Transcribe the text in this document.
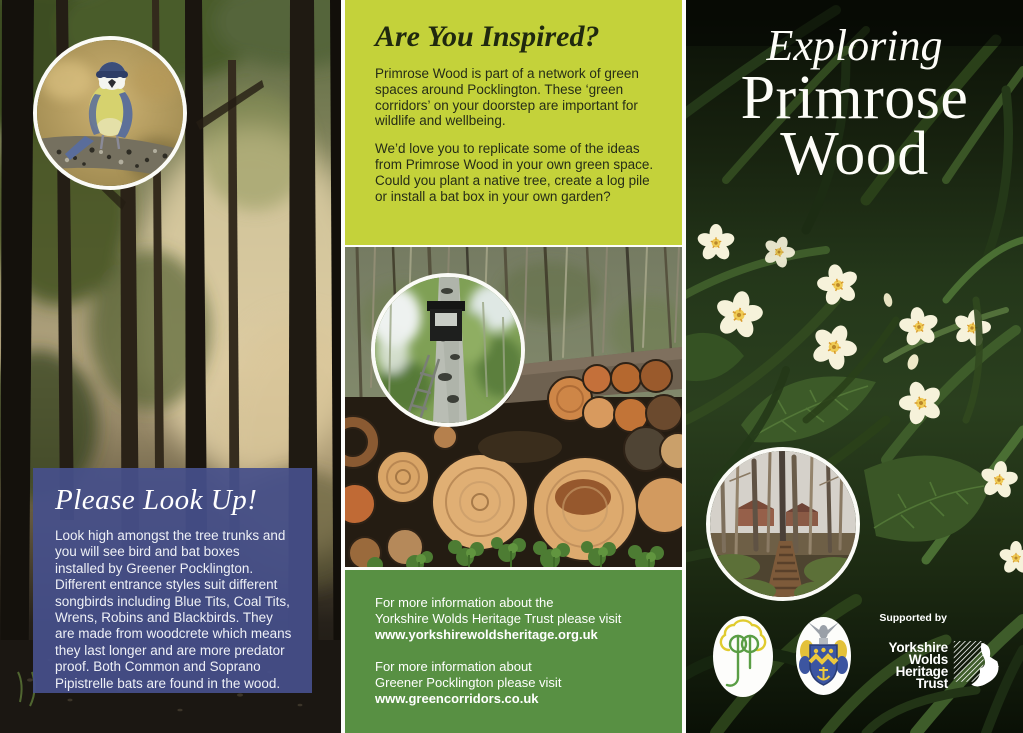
Please Look Up!

Look high amongst the tree trunks and you will see bird and bat boxes installed by Greener Pocklington. Different entrance styles suit different songbirds including Blue Tits, Coal Tits, Wrens, Robins and Blackbirds. They are made from woodcrete which means they last longer and are more predator proof. Both Common and Soprano Pipistrelle bats are found in the wood.

Are You Inspired?

Primrose Wood is part of a network of green spaces around Pocklington. These ‘green corridors’ on your doorstep are important for wildlife and wellbeing.

We’d love you to replicate some of the ideas from Primrose Wood in your own green space. Could you plant a native tree, create a log pile or install a bat box in your own garden?

For more information about the
Yorkshire Wolds Heritage Trust please visit
www.yorkshirewoldsheritage.org.uk
For more information about
Greener Pocklington please visit
www.greencorridors.co.uk
Exploring
Primrose
Wood
Supported by
Yorkshire
Wolds
Heritage
Trust
